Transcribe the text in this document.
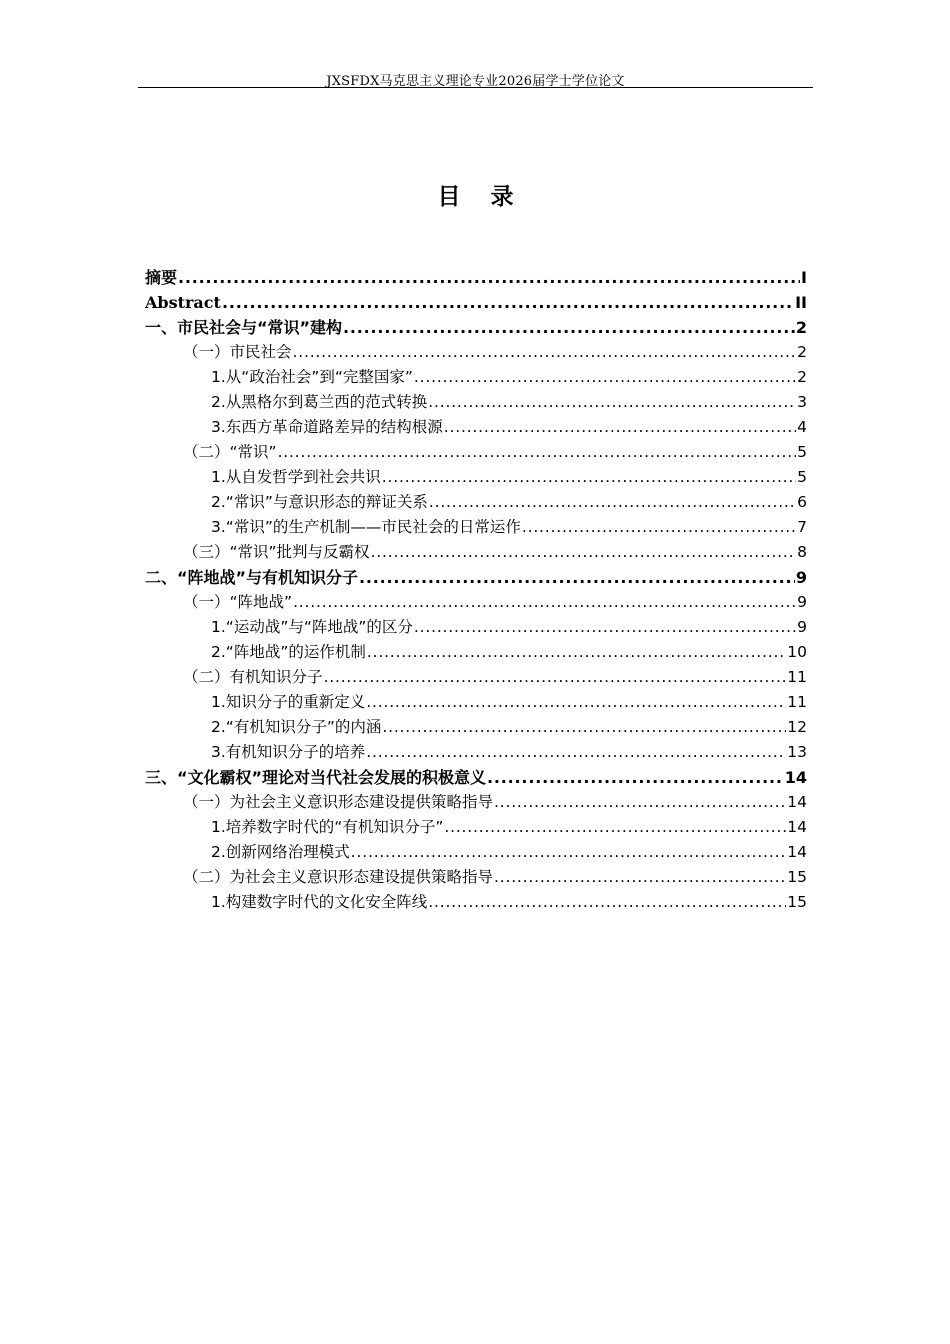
JXSFDX马克思主义理论专业2026届学士学位论文
目 录
摘要 .....	I
Abstract .....	II
一、市民社会与“常识”建构 .....	2
（一）市民社会 .....	2
1.从“政治社会”到“完整国家” .....	2
2.从黑格尔到葛兰西的范式转换 .....	3
3.东西方革命道路差异的结构根源 .....	4
（二）“常识” .....	5
1.从自发哲学到社会共识 .....	5
2.“常识”与意识形态的辩证关系 .....	6
3.“常识”的生产机制——市民社会的日常运作 .....	7
（三）“常识”批判与反霸权 .....	8
二、“阵地战”与有机知识分子 .....	9
（一）“阵地战” .....	9
1.“运动战”与“阵地战”的区分 .....	9
2.“阵地战”的运作机制 .....	10
（二）有机知识分子 .....	11
1.知识分子的重新定义 .....	11
2.“有机知识分子”的内涵 .....	12
3.有机知识分子的培养 .....	13
三、“文化霸权”理论对当代社会发展的积极意义 .....	14
（一）为社会主义意识形态建设提供策略指导 .....	14
1.培养数字时代的“有机知识分子” .....	14
2.创新网络治理模式 .....	14
（二）为社会主义意识形态建设提供策略指导 .....	15
1.构建数字时代的文化安全阵线 .....	15
